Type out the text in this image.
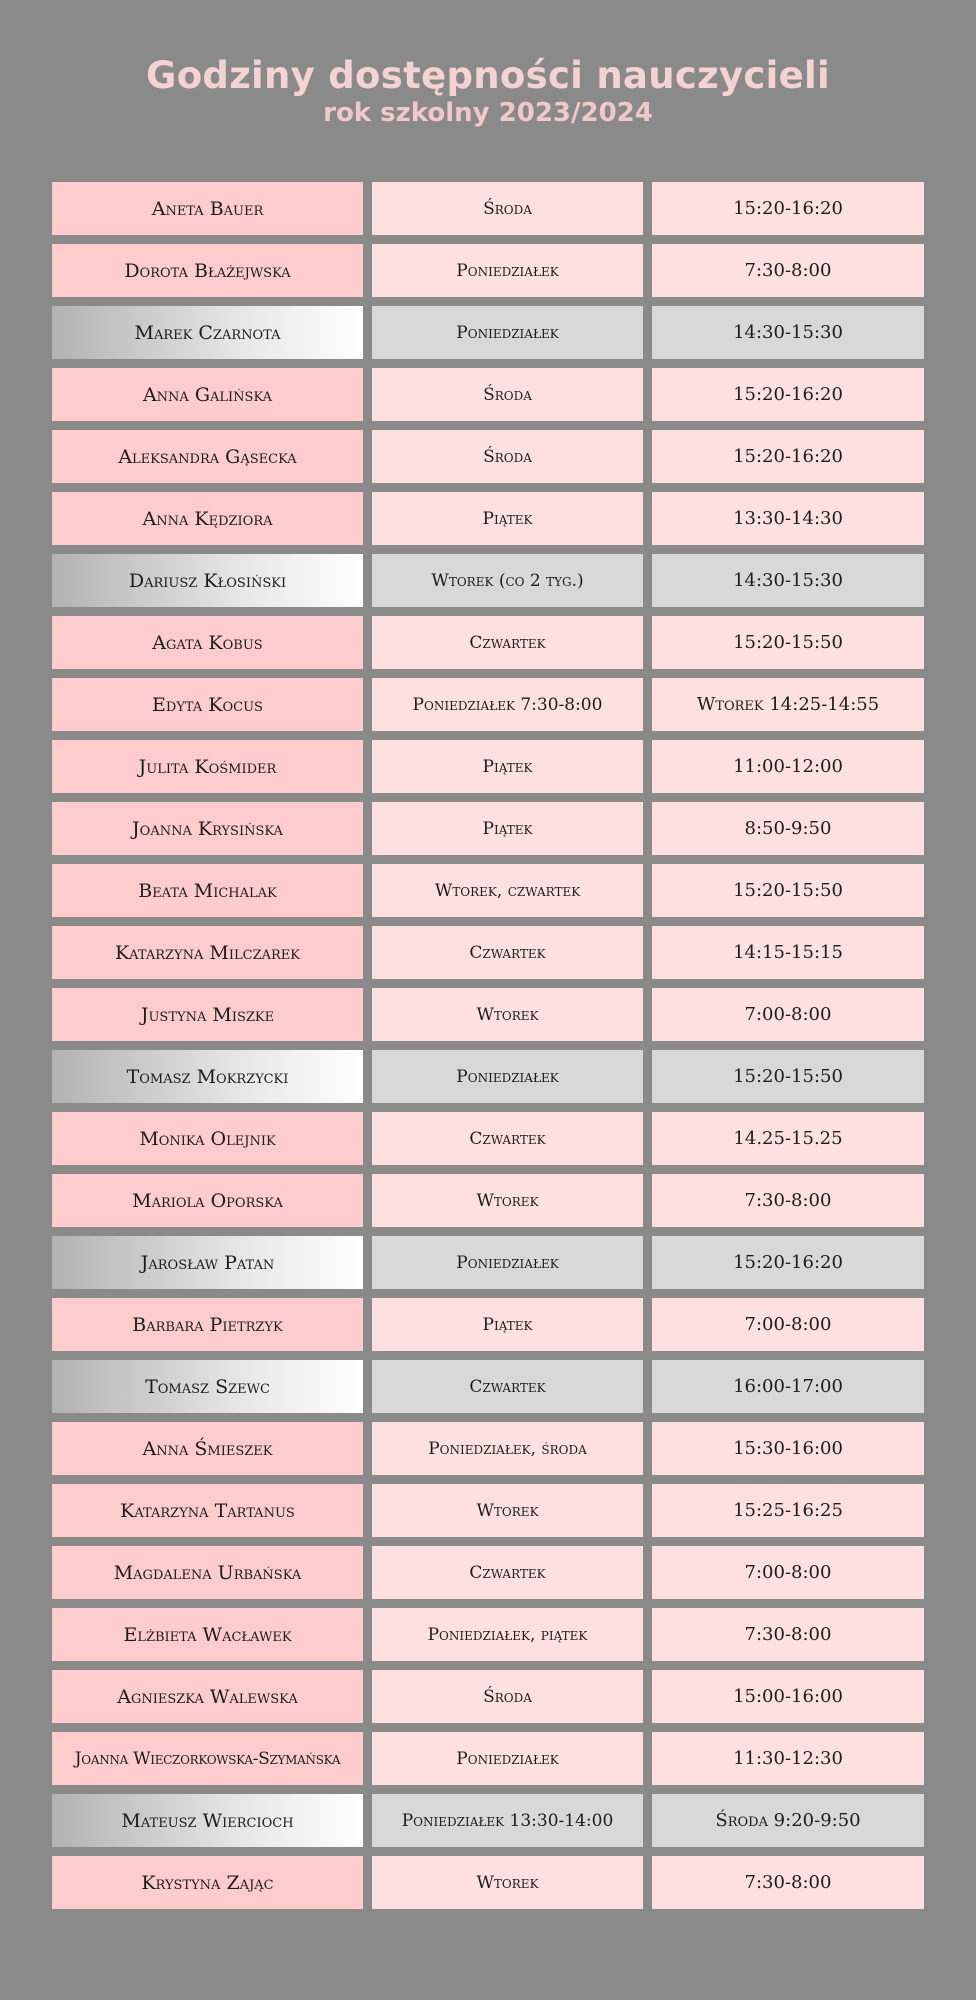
Godziny dostępności nauczycieli
rok szkolny 2023/2024
Aneta Bauer	Środa	15:20-16:20
Dorota Błażejwska	Poniedziałek	7:30-8:00
Marek Czarnota	Poniedziałek	14:30-15:30
Anna Galińska	Środa	15:20-16:20
Aleksandra Gąsecka	Środa	15:20-16:20
Anna Kędziora	Piątek	13:30-14:30
Dariusz Kłosiński	Wtorek (co 2 tyg.)	14:30-15:30
Agata Kobus	Czwartek	15:20-15:50
Edyta Kocus	Poniedziałek 7:30-8:00	Wtorek 14:25-14:55
Julita Kośmider	Piątek	11:00-12:00
Joanna Krysińska	Piątek	8:50-9:50
Beata Michalak	Wtorek, czwartek	15:20-15:50
Katarzyna Milczarek	Czwartek	14:15-15:15
Justyna Miszke	Wtorek	7:00-8:00
Tomasz Mokrzycki	Poniedziałek	15:20-15:50
Monika Olejnik	Czwartek	14.25-15.25
Mariola Oporska	Wtorek	7:30-8:00
Jarosław Patan	Poniedziałek	15:20-16:20
Barbara Pietrzyk	Piątek	7:00-8:00
Tomasz Szewc	Czwartek	16:00-17:00
Anna Śmieszek	Poniedziałek, środa	15:30-16:00
Katarzyna Tartanus	Wtorek	15:25-16:25
Magdalena Urbańska	Czwartek	7:00-8:00
Elżbieta Wacławek	Poniedziałek, piątek	7:30-8:00
Agnieszka Walewska	Środa	15:00-16:00
Joanna Wieczorkowska-Szymańska	Poniedziałek	11:30-12:30
Mateusz Wierciоch	Poniedziałek 13:30-14:00	Środa 9:20-9:50
Krystyna Zając	Wtorek	7:30-8:00
